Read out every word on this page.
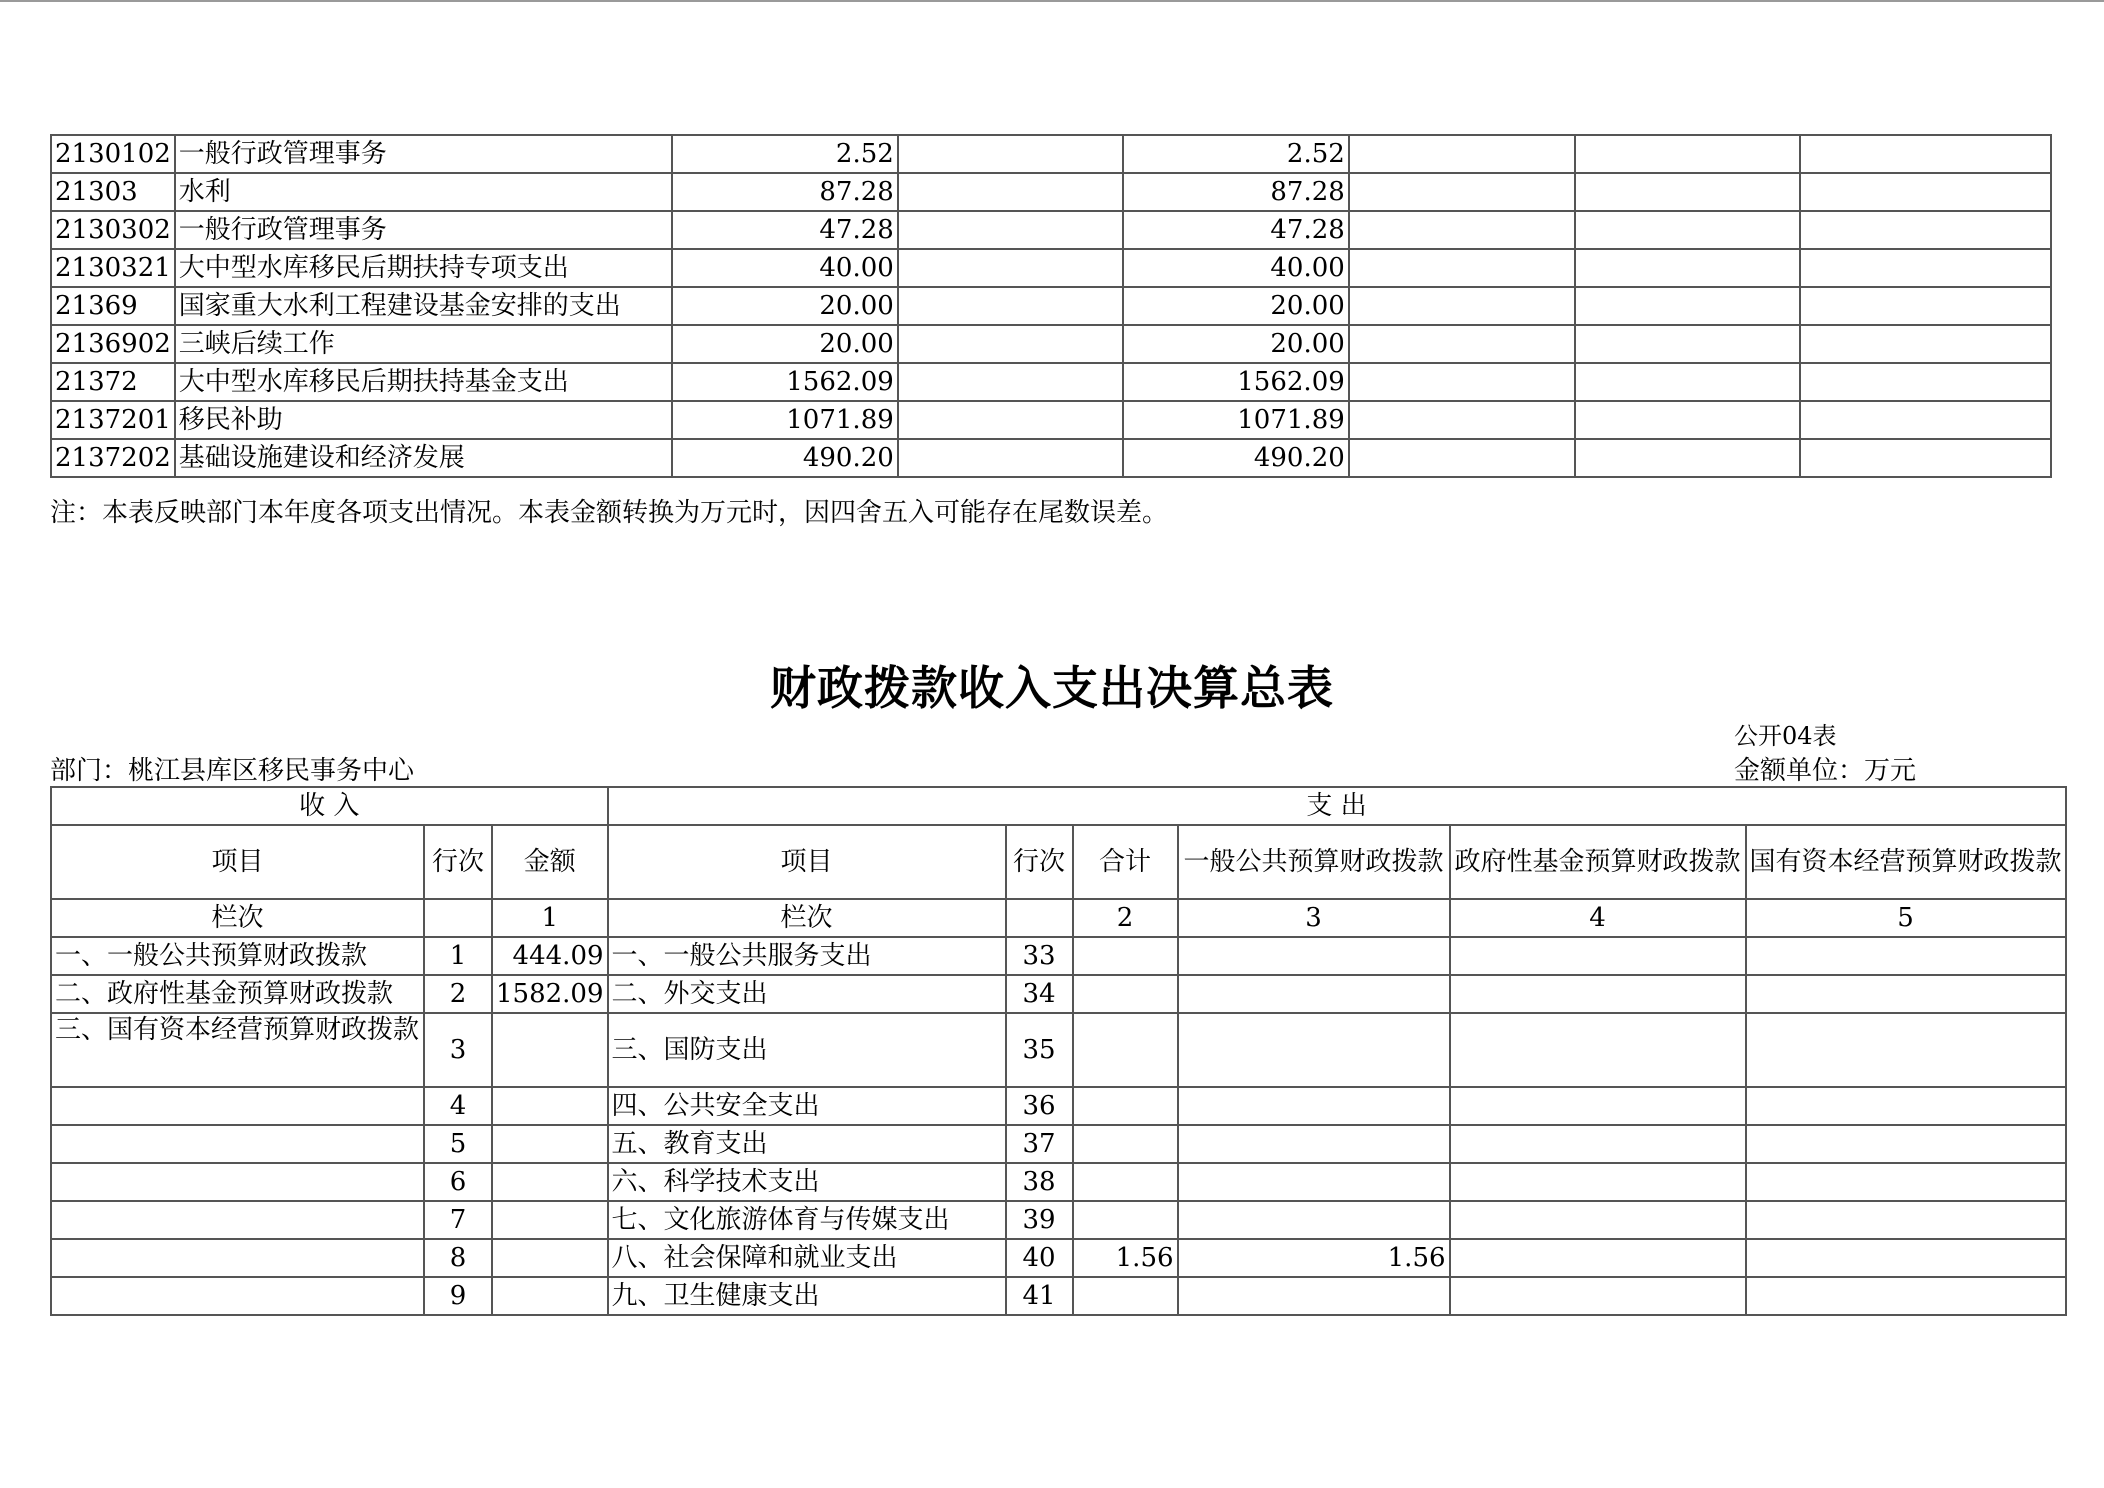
2130102	一般行政管理事务	2.52		2.52			
21303	水利	87.28		87.28			
2130302	一般行政管理事务	47.28		47.28			
2130321	大中型水库移民后期扶持专项支出	40.00		40.00			
21369	国家重大水利工程建设基金安排的支出	20.00		20.00			
2136902	三峡后续工作	20.00		20.00			
21372	大中型水库移民后期扶持基金支出	1562.09		1562.09			
2137201	移民补助	1071.89		1071.89			
2137202	基础设施建设和经济发展	490.20		490.20			
注：本表反映部门本年度各项支出情况。本表金额转换为万元时，因四舍五入可能存在尾数误差。
财政拨款收入支出决算总表
公开04表
部门：桃江县库区移民事务中心	金额单位：万元
收 入			支 出					
项目	行次	金额	项目	行次	合计	一般公共预算财政拨款	政府性基金预算财政拨款	国有资本经营预算财政拨款
栏次		1	栏次		2	3	4	5
一、一般公共预算财政拨款	1	444.09	一、一般公共服务支出	33				
二、政府性基金预算财政拨款	2	1582.09	二、外交支出	34				
三、国有资本经营预算财政拨款	3		三、国防支出	35				
	4		四、公共安全支出	36				
	5		五、教育支出	37				
	6		六、科学技术支出	38				
	7		七、文化旅游体育与传媒支出	39				
	8		八、社会保障和就业支出	40	1.56	1.56		
	9		九、卫生健康支出	41				
